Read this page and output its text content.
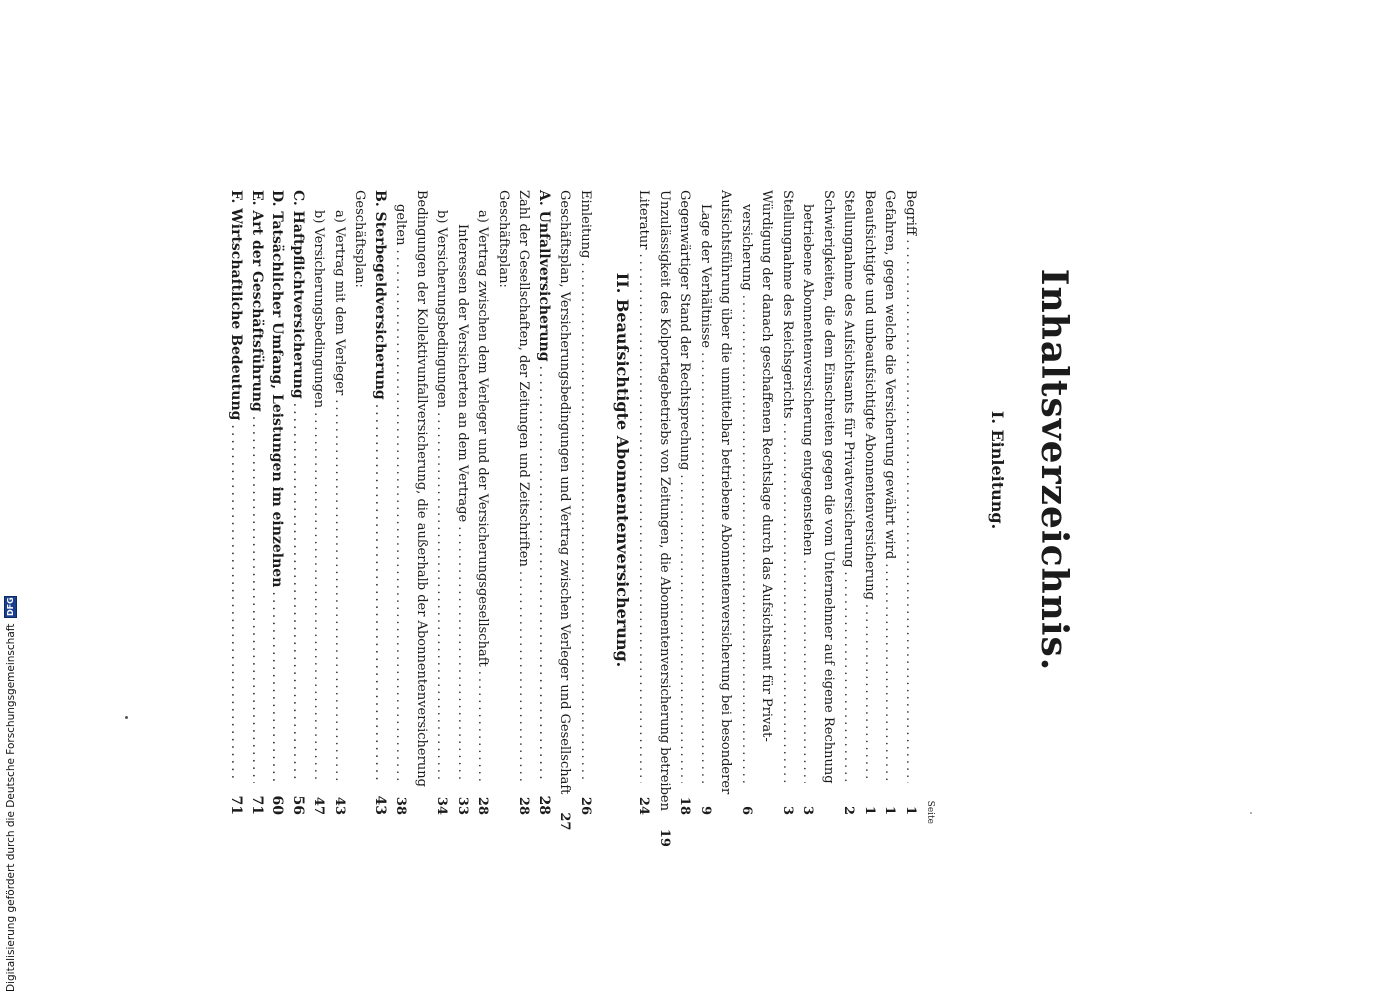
Inhaltsverzeichnis.
I. Einleitung.
Seite
Begriff
.....
1
Gefahren, gegen welche die Versicherung gewährt wird
.....
1
Beaufsichtigte und unbeaufsichtigte Abonnentenversicherung
.....
1
Stellungnahme des Aufsichtsamts für Privatversicherung
.....
2
Schwierigkeiten, die dem Einschreiten gegen die vom Unternehmer auf eigene Rechnung
betriebene Abonnentenversicherung entgegenstehen
.....
3
Stellungnahme des Reichsgerichts
.....
3
Würdigung der danach geschaffenen Rechtslage durch das Aufsichtsamt für Privat-
versicherung
.....
6
Aufsichtsführung über die unmittelbar betriebene Abonnentenversicherung bei besonderer
Lage der Verhältnisse
.....
9
Gegenwärtiger Stand der Rechtsprechung
.....
18
Unzulässigkeit des Kolportagebetriebs von Zeitungen, die Abonnentenversicherung betreiben
19
Literatur
.....
24
II. Beaufsichtigte Abonnentenversicherung.
Einleitung
.....
26
Geschäftsplan, Versicherungsbedingungen und Vertrag zwischen Verleger und Gesellschaft
27
A. Unfallversicherung
.....
28
Zahl der Gesellschaften, der Zeitungen und Zeitschriften
.....
28
Geschäftsplan:
a) Vertrag zwischen dem Verleger und der Versicherungsgesellschaft
.....
28
Interessen der Versicherten an dem Vertrage
.....
33
b) Versicherungsbedingungen
.....
34
Bedingungen der Kollektivunfallversicherung, die außerhalb der Abonnentenversicherung
gelten
.....
38
B. Sterbegeldversicherung
.....
43
Geschäftsplan:
a) Vertrag mit dem Verleger
.....
43
b) Versicherungsbedingungen
.....
47
C. Haftpflichtversicherung
.....
56
D. Tatsächlicher Umfang, Leistungen im einzelnen
.....
60
E. Art der Geschäftsführung
.....
71
F. Wirtschaftliche Bedeutung
.....
71
Digitalisierung gefördert durch die Deutsche Forschungsgemeinschaft
DFG
